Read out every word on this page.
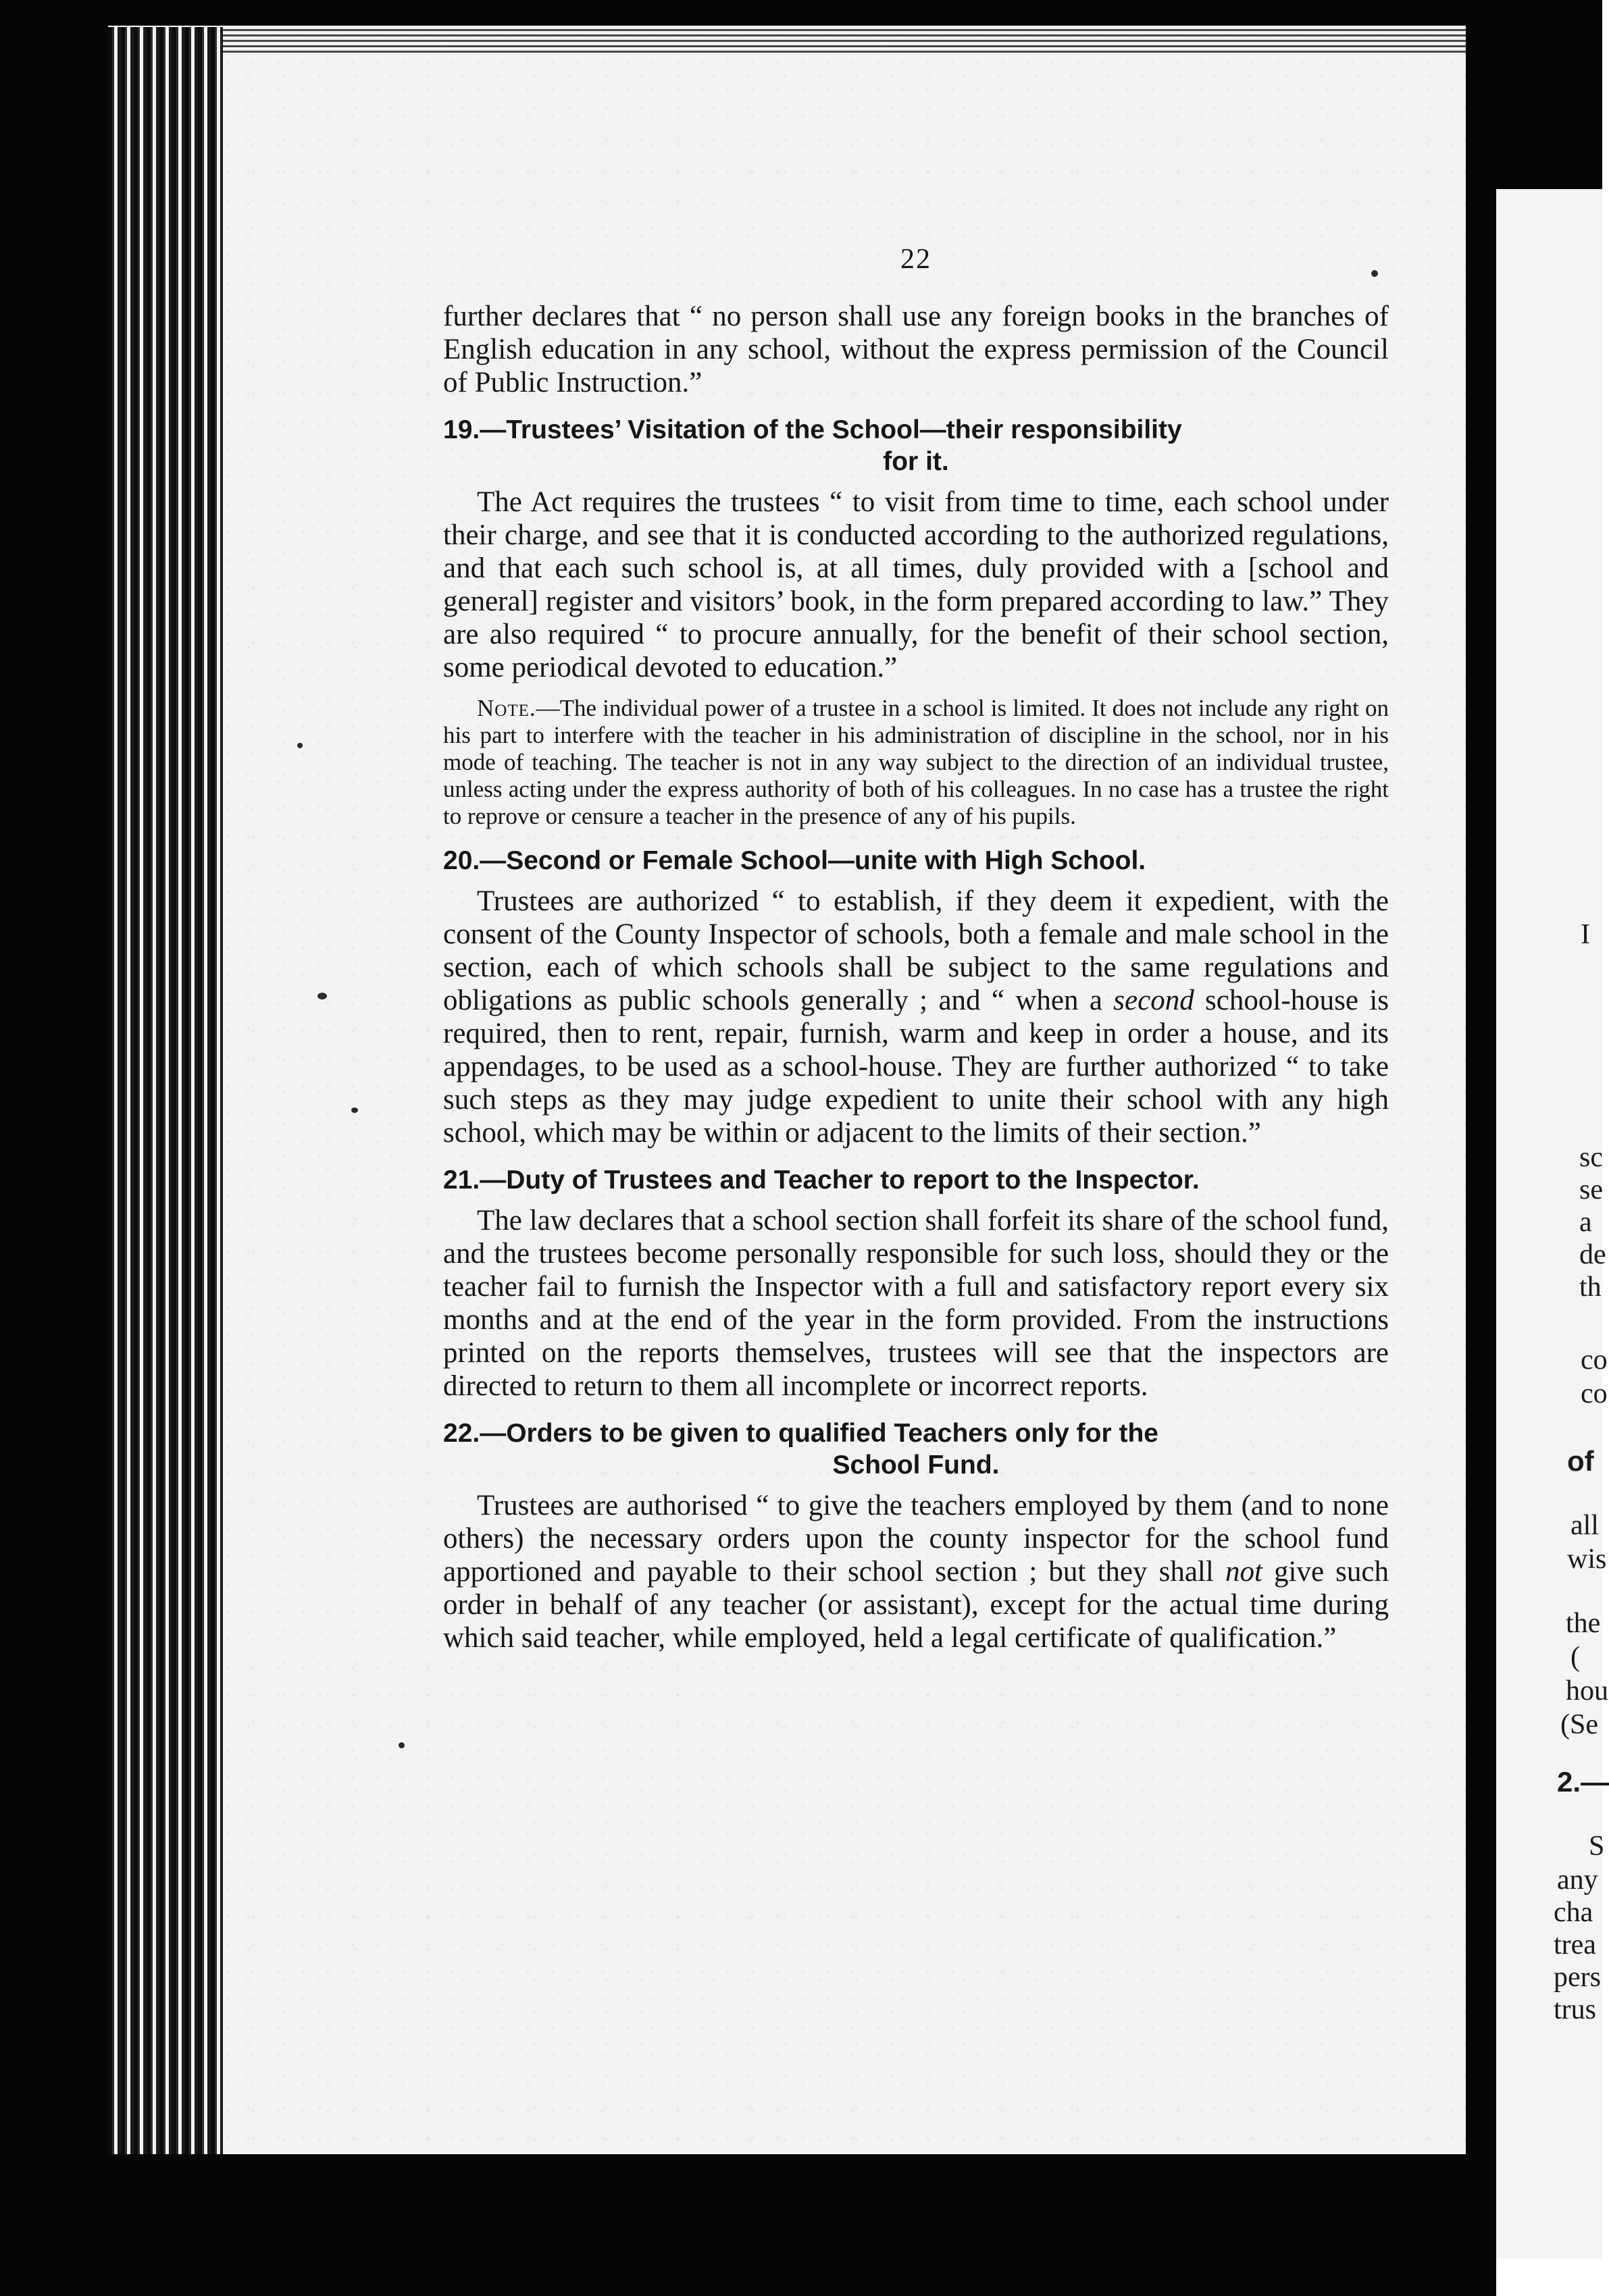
I
sc
se
a
de
th
co
co
of
all
wis
the
(
hou
(Se
2.—
S
any
cha
trea
pers
trus
22

further declares that “ no person shall use any foreign books in the branches of English education in any school, without the express permission of the Council of Public Instruction.”

19.—Trustees’ Visitation of the School—their responsibility
for it.

The Act requires the trustees “ to visit from time to time, each school under their charge, and see that it is conducted according to the authorized regulations, and that each such school is, at all times, duly provided with a [school and general] register and visitors’ book, in the form prepared according to law.” They are also required “ to procure annually, for the benefit of their school section, some periodical devoted to education.”

Note.—The individual power of a trustee in a school is limited. It does not include any right on his part to interfere with the teacher in his administration of discipline in the school, nor in his mode of teaching. The teacher is not in any way subject to the direction of an individual trustee, unless acting under the express authority of both of his colleagues. In no case has a trustee the right to reprove or censure a teacher in the presence of any of his pupils.

20.—Second or Female School—unite with High School.

Trustees are authorized “ to establish, if they deem it expedient, with the consent of the County Inspector of schools, both a female and male school in the section, each of which schools shall be subject to the same regulations and obligations as public schools generally ; and “ when a second school-house is required, then to rent, repair, furnish, warm and keep in order a house, and its appendages, to be used as a school-house. They are further authorized “ to take such steps as they may judge expedient to unite their school with any high school, which may be within or adjacent to the limits of their section.”

21.—Duty of Trustees and Teacher to report to the Inspector.

The law declares that a school section shall forfeit its share of the school fund, and the trustees become personally responsible for such loss, should they or the teacher fail to furnish the Inspector with a full and satisfactory report every six months and at the end of the year in the form provided. From the instructions printed on the reports themselves, trustees will see that the inspectors are directed to return to them all incomplete or incorrect reports.

22.—Orders to be given to qualified Teachers only for the
School Fund.

Trustees are authorised “ to give the teachers employed by them (and to none others) the necessary orders upon the county inspector for the school fund apportioned and payable to their school section ; but they shall not give such order in behalf of any teacher (or assistant), except for the actual time during which said teacher, while employed, held a legal certificate of qualification.”
